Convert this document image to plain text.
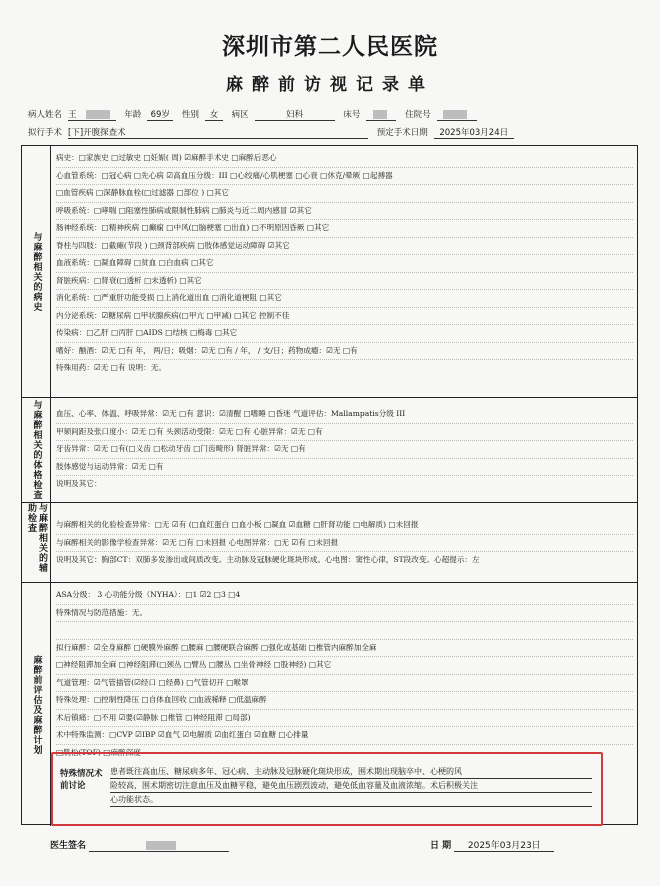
深圳市第二人民医院
麻醉前访视记录单
病人姓名 王	年龄 69岁 性别 女 病区	妇科	床号	住院号
拟行手术 [下]开腹探查术	预定手术日期 2025年03月24日
与麻醉相关的病史
病史：□家族史 □过敏史 □妊娠( 周) ☑麻醉手术史 □麻醉后恶心
心血管系统：□冠心病 □先心病 ☑高血压分级：III □心绞痛/心肌梗塞 □心衰 □休克/晕厥 □起搏器
□血管疾病 □深静脉血栓(□过滤器 □部位 ) □其它
呼吸系统：□哮喘 □阻塞性肺病或限制性肺病 □肺炎与近二周内感冒 ☑其它
肠神经系统：□精神疾病 □癫痫 □中风(□脑梗塞 □出血) □不明原因昏厥 □其它
脊柱与四肢：□截瘫(节段 ) □颈背部疾病 □肢体感觉运动障碍 ☑其它
血液系统：□凝血障碍 □贫血 □白血病 □其它
肾脏疾病：□肾衰(□透析 □未透析) □其它
消化系统：□严重肝功能受损 □上消化道出血 □消化道梗阻 □其它
内分泌系统：☑糖尿病 □甲状腺疾病(□甲亢 □甲减) □其它 控制不佳
传染病：□乙肝 □丙肝 □AIDS □结核 □梅毒 □其它
嗜好：酗酒：☑无 □有 年， 两/日；吸烟：☑无 □有 / 年， / 支/日；药物成瘾：☑无 □有
特殊用药：☑无 □有 说明：无。
与麻醉相关的体格检查 血压、心率、体温、呼吸异常：☑无 □有 意识：☑清醒 □嗜睡 □昏迷 气道评估：Mallampatis分级 III
甲颏间距及张口度小：☑无 □有 头颈活动受限：☑无 □有 心脏异常：☑无 □有
牙齿异常：☑无 □有(□义齿 □松动牙齿 □门齿畸形) 肾脏异常：☑无 □有
肢体感觉与运动异常：☑无 □有
说明及其它：
与麻醉相关的辅助检查	与麻醉相关的化验检查异常：□无 ☑有 (□血红蛋白 □血小板 □凝血 ☑血糖 □肝肾功能 □电解质) □未回报
与麻醉相关的影像学检查异常：☑无 □有 □未回报 心电图异常：□无 ☑有 □未回报
说明及其它：胸部CT：双肺多发渗出或间质改变。主动脉及冠脉硬化斑块形成。心电图：窦性心律，ST段改变。心超提示：左
麻醉前评估及麻醉计划
ASA分级： 3 心功能分级（NYHA）：□1 ☑2 □3 □4
特殊情况与防范措施：无。
拟行麻醉：☑全身麻醉 □硬膜外麻醉 □腰麻 □腰硬联合麻醉 □强化或基础 □椎管内麻醉加全麻
□神经阻滞加全麻 □神经阻滞(□颈丛 □臂丛 □腰丛 □坐骨神经 □股神经) □其它
气道管理：☑气管插管(☑经口 □经鼻) □气管切开 □喉罩
特殊处理：□控制性降压 □自体血回收 □血液稀释 □低温麻醉
术后镇痛：□不用 ☑要(☑静脉 □椎管 □神经阻滞 □局部)
术中特殊监测：□CVP ☑IBP ☑血气 ☑电解质 ☑血红蛋白 ☑血糖 □心排量
□肌松(TOF) □麻醉深度
特殊情况术前讨论

患者既往高血压、糖尿病多年、冠心病、主动脉及冠脉硬化斑块形成，围术期出现脑卒中、心梗的风

险较高，围术期密切注意血压及血糖平稳，避免血压剧烈波动，避免低血容量及血液浓缩。术后积极关注

心功能状态。

医生签名	日 期 2025年03月23日
